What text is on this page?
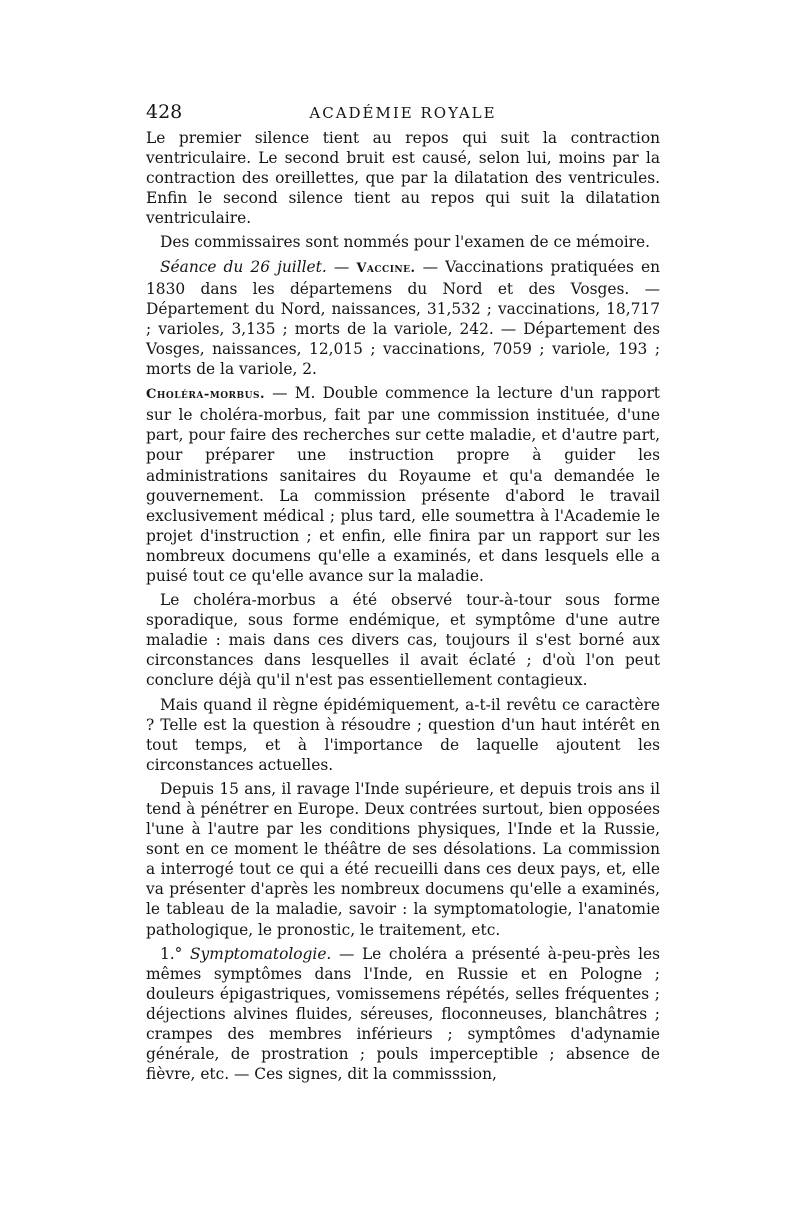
428	ACADÉMIE ROYALE

Le premier silence tient au repos qui suit la contraction ventriculaire. Le second bruit est causé, selon lui, moins par la contraction des oreillettes, que par la dilatation des ventricules. Enfin le second silence tient au repos qui suit la dilatation ventriculaire.

Des commissaires sont nommés pour l'examen de ce mémoire.

Séance du 26 juillet. — Vaccine. — Vaccinations pratiquées en 1830 dans les départemens du Nord et des Vosges. — Département du Nord, naissances, 31,532 ; vaccinations, 18,717 ; varioles, 3,135 ; morts de la variole, 242. — Département des Vosges, naissances, 12,015 ; vaccinations, 7059 ; variole, 193 ; morts de la variole, 2.

Choléra-morbus. — M. Double commence la lecture d'un rapport sur le choléra-morbus, fait par une commission instituée, d'une part, pour faire des recherches sur cette maladie, et d'autre part, pour préparer une instruction propre à guider les administrations sanitaires du Royaume et qu'a demandée le gouvernement. La commission présente d'abord le travail exclusivement médical ; plus tard, elle soumettra à l'Academie le projet d'instruction ; et enfin, elle finira par un rapport sur les nombreux documens qu'elle a examinés, et dans lesquels elle a puisé tout ce qu'elle avance sur la maladie.

Le choléra-morbus a été observé tour-à-tour sous forme sporadique, sous forme endémique, et symptôme d'une autre maladie : mais dans ces divers cas, toujours il s'est borné aux circonstances dans lesquelles il avait éclaté ; d'où l'on peut conclure déjà qu'il n'est pas essentiellement contagieux.

Mais quand il règne épidémiquement, a-t-il revêtu ce caractère ? Telle est la question à résoudre ; question d'un haut intérêt en tout temps, et à l'importance de laquelle ajoutent les circonstances actuelles.

Depuis 15 ans, il ravage l'Inde supérieure, et depuis trois ans il tend à pénétrer en Europe. Deux contrées surtout, bien opposées l'une à l'autre par les conditions physiques, l'Inde et la Russie, sont en ce moment le théâtre de ses désolations. La commission a interrogé tout ce qui a été recueilli dans ces deux pays, et, elle va présenter d'après les nombreux documens qu'elle a examinés, le tableau de la maladie, savoir : la symptomatologie, l'anatomie pathologique, le pronostic, le traitement, etc.

1.° Symptomatologie. — Le choléra a présenté à-peu-près les mêmes symptômes dans l'Inde, en Russie et en Pologne ; douleurs épigastriques, vomissemens répétés, selles fréquentes ; déjections alvines fluides, séreuses, floconneuses, blanchâtres ; crampes des membres inférieurs ; symptômes d'adynamie générale, de prostration ; pouls imperceptible ; absence de fièvre, etc. — Ces signes, dit la commisssion,
